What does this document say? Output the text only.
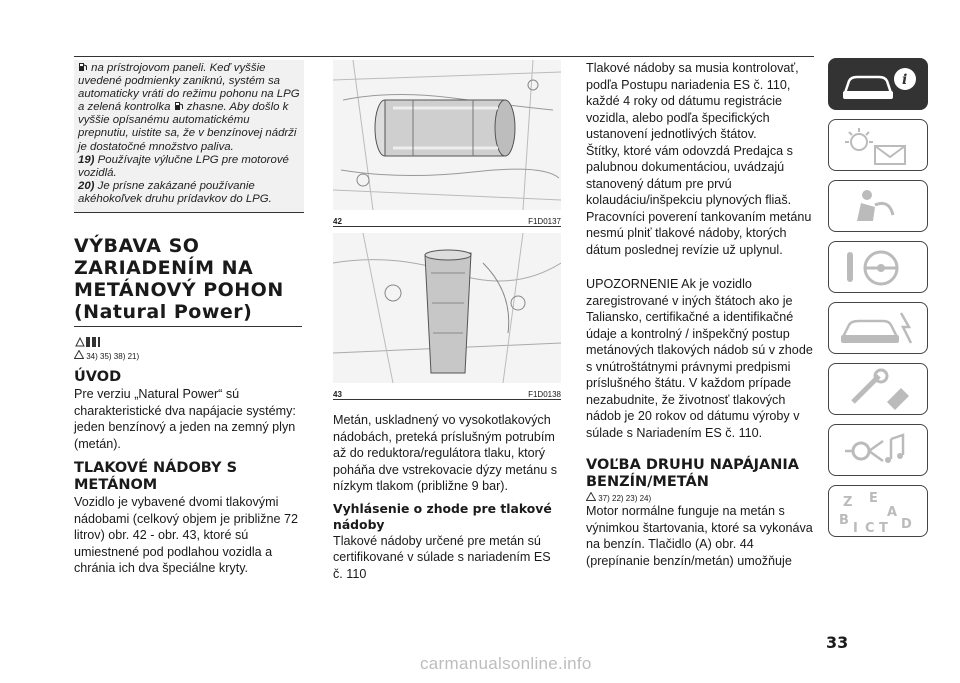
na prístrojovom paneli. Keď vyššie uvedené podmienky zaniknú, systém sa automaticky vráti do režimu pohonu na LPG a zelená kontrolka zhasne. Aby došlo k vyššie opísanému automatickému prepnutiu, uistite sa, že v benzínovej nádrži je dostatočné množstvo paliva.
19) Používajte výlučne LPG pre motorové vozidlá.
20) Je prísne zakázané používanie akéhokoľvek druhu prídavkov do LPG.
VÝBAVA SO ZARIADENÍM NA METÁNOVÝ POHON
(Natural Power)
34) 35) 38) 21)
ÚVOD
Pre verziu „Natural Power“ sú charakteristické dva napájacie systémy: jeden benzínový a jeden na zemný plyn (metán).
TLAKOVÉ NÁDOBY S METÁNOM
Vozidlo je vybavené dvomi tlakovými nádobami (celkový objem je približne 72 litrov) obr. 42 - obr. 43, ktoré sú umiestnené pod podlahou vozidla a chránia ich dva špeciálne kryty.
42	F1D0137
43	F1D0138
Metán, uskladnený vo vysokotlakových nádobách, preteká príslušným potrubím až do reduktora/regulátora tlaku, ktorý poháňa dve vstrekovacie dýzy metánu s nízkym tlakom (približne 9 bar).
Vyhlásenie o zhode pre tlakové nádoby
Tlakové nádoby určené pre metán sú certifikované v súlade s nariadením ES č. 110
Tlakové nádoby sa musia kontrolovať, podľa Postupu nariadenia ES č. 110, každé 4 roky od dátumu registrácie vozidla, alebo podľa špecifických ustanovení jednotlivých štátov.
Štítky, ktoré vám odovzdá Predajca s palubnou dokumentáciou, uvádzajú stanovený dátum pre prvú kolaudáciu/inšpekciu plynových fliaš. Pracovníci poverení tankovaním metánu nesmú plniť tlakové nádoby, ktorých dátum poslednej revízie už uplynul.
UPOZORNENIE Ak je vozidlo zaregistrované v iných štátoch ako je Taliansko, certifikačné a identifikačné údaje a kontrolný / inšpekčný postup metánových tlakových nádob sú v zhode s vnútroštátnymi právnymi predpismi príslušného štátu. V každom prípade nezabudnite, že životnosť tlakových nádob je 20 rokov od dátumu výroby v súlade s Nariadením ES č. 110.
VOĽBA DRUHU NAPÁJANIA BENZÍN/METÁN
37) 22) 23) 24)
Motor normálne funguje na metán s výnimkou štartovania, ktoré sa vykonáva na benzín. Tlačidlo (A) obr. 44 (prepínanie benzín/metán) umožňuje
i
Z E
A
B
I C T D
33
carmanualsonline.info
